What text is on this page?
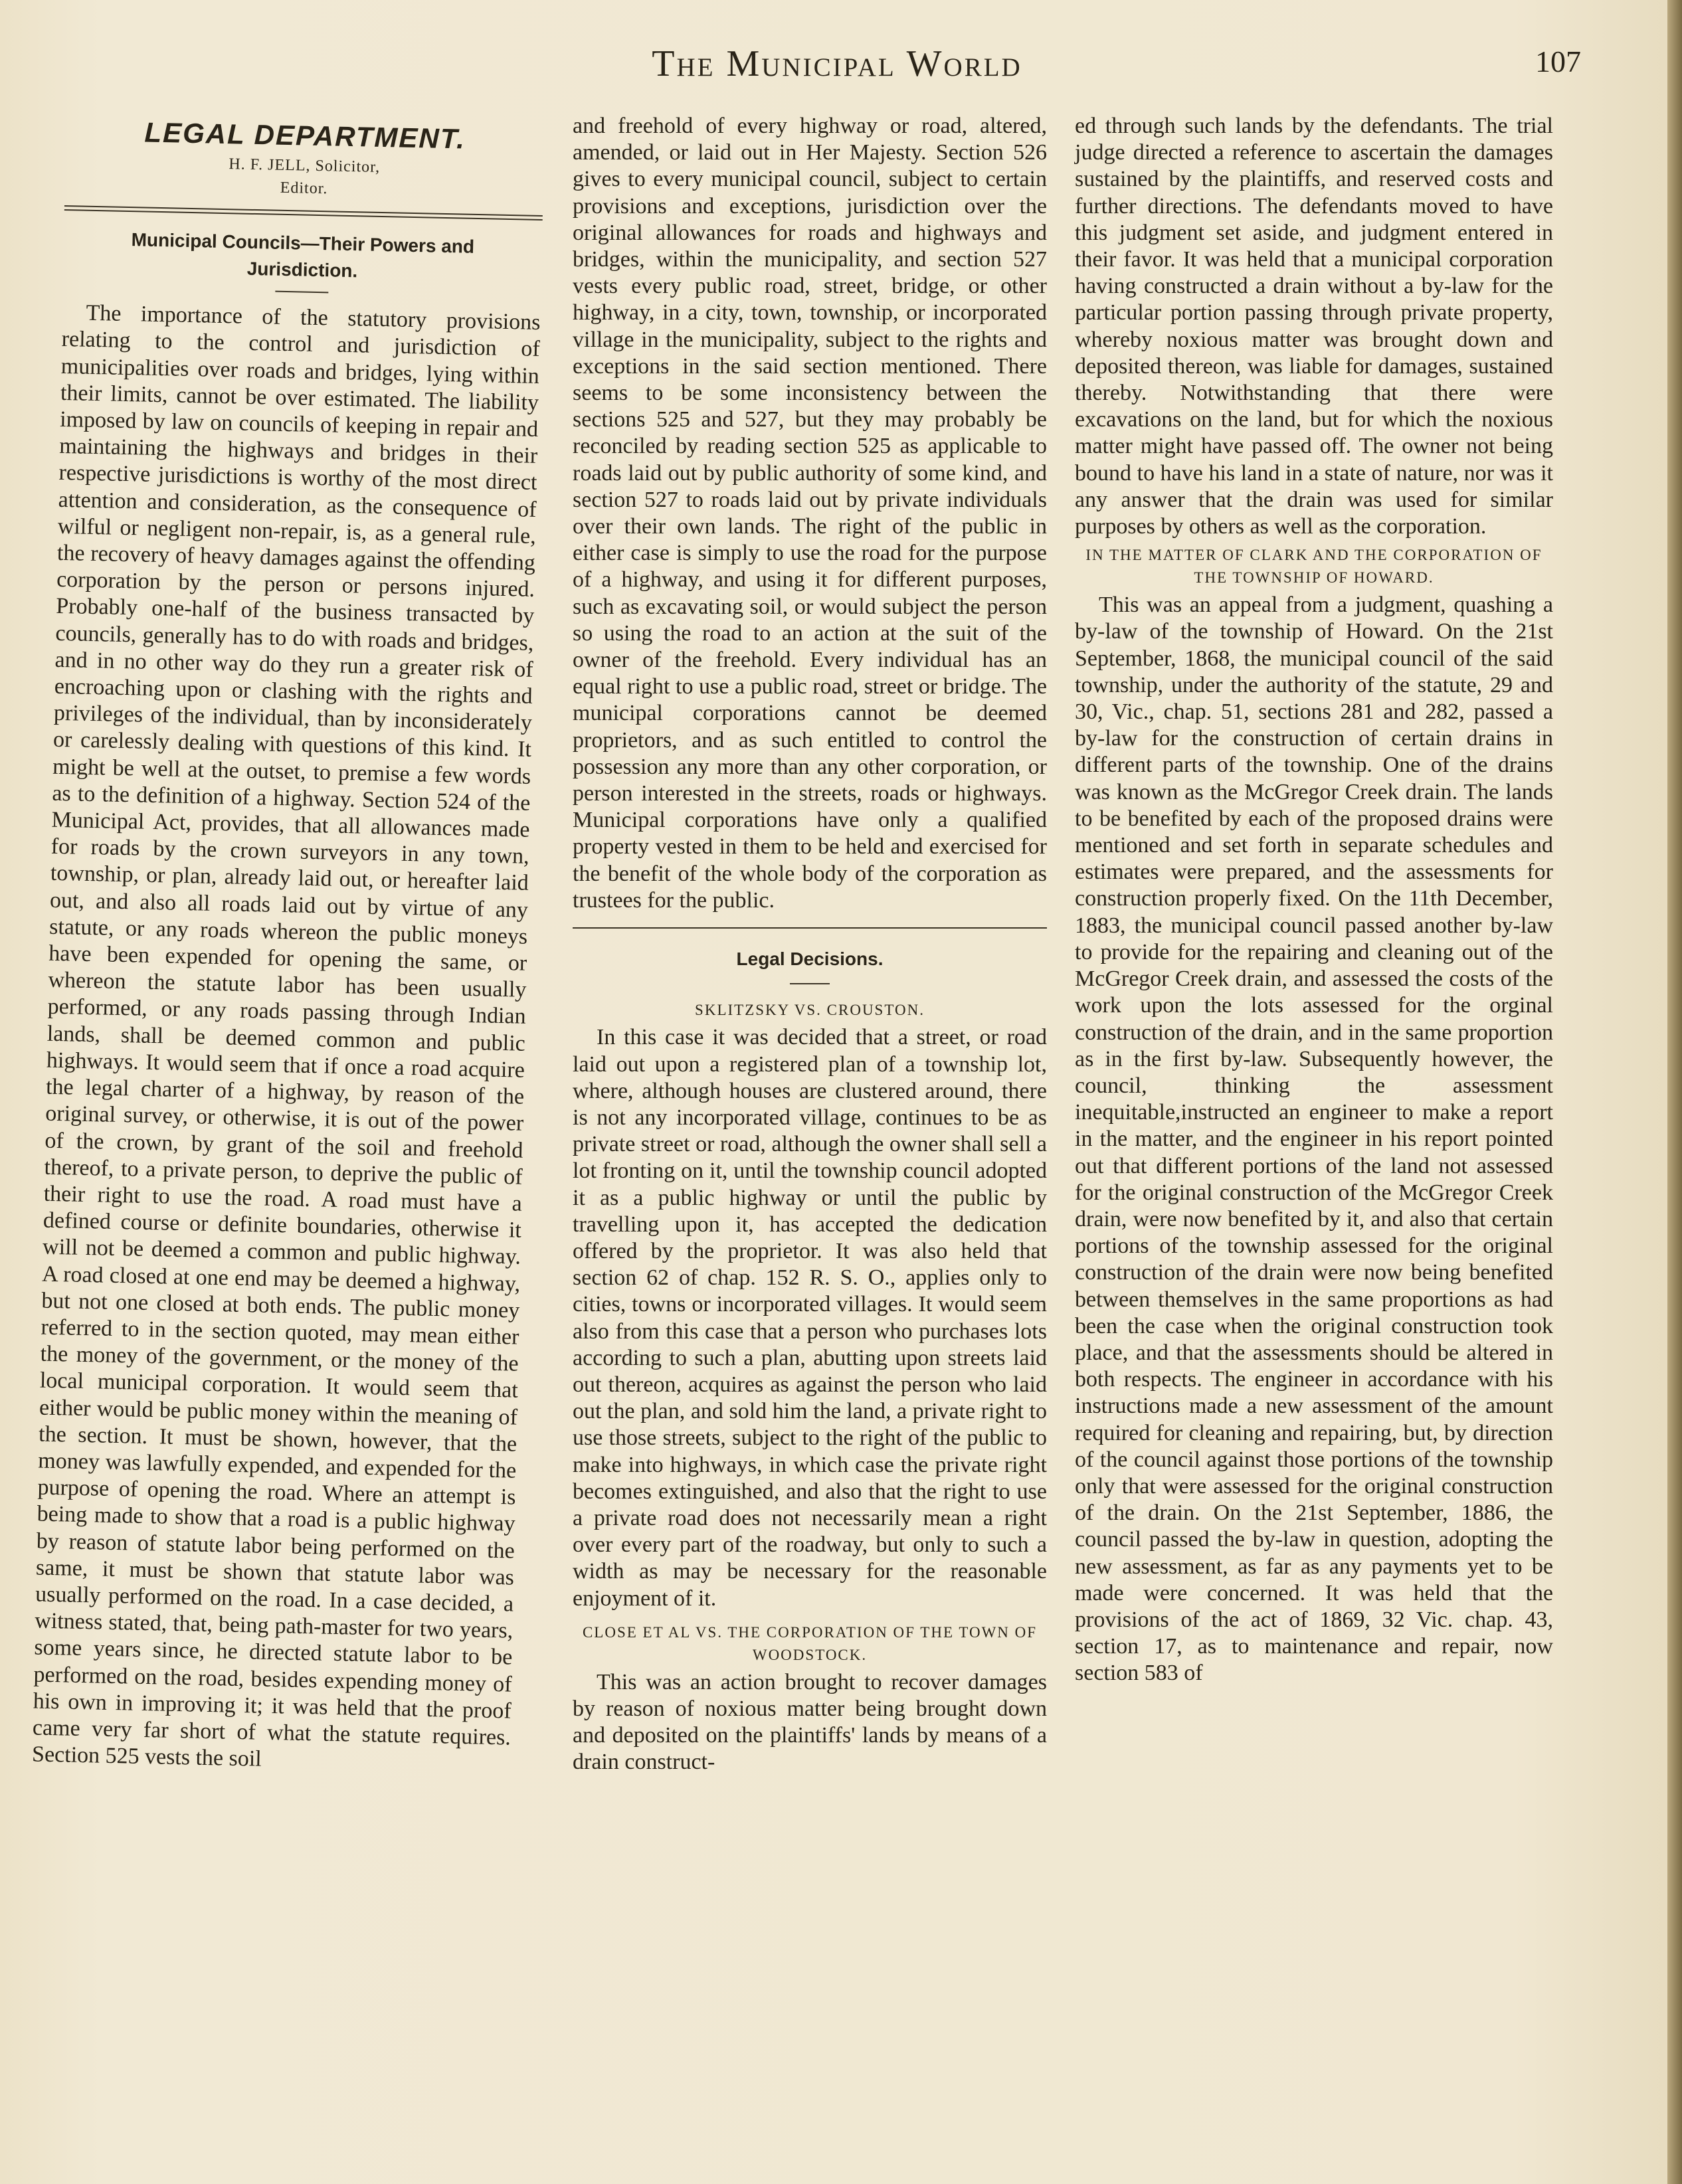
The Municipal World	107
LEGAL DEPARTMENT.
H. F. JELL, Solicitor,
Editor.
Municipal Councils—Their Powers and Jurisdiction.

The importance of the statutory provisions relating to the control and jurisdiction of municipalities over roads and bridges, lying within their limits, cannot be over estimated. The liability imposed by law on councils of keeping in repair and maintaining the highways and bridges in their respective jurisdictions is worthy of the most direct attention and consideration, as the consequence of wilful or negligent non-repair, is, as a general rule, the recovery of heavy damages against the offending corporation by the person or persons injured. Probably one-half of the business transacted by councils, generally has to do with roads and bridges, and in no other way do they run a greater risk of encroaching upon or clashing with the rights and privileges of the individual, than by inconsiderately or carelessly dealing with questions of this kind. It might be well at the outset, to premise a few words as to the definition of a highway. Section 524 of the Municipal Act, provides, that all allowances made for roads by the crown surveyors in any town, township, or plan, already laid out, or hereafter laid out, and also all roads laid out by virtue of any statute, or any roads whereon the public moneys have been expended for opening the same, or whereon the statute labor has been usually performed, or any roads passing through Indian lands, shall be deemed common and public highways. It would seem that if once a road acquire the legal charter of a highway, by reason of the original survey, or otherwise, it is out of the power of the crown, by grant of the soil and freehold thereof, to a private person, to deprive the public of their right to use the road. A road must have a defined course or definite boundaries, otherwise it will not be deemed a common and public highway. A road closed at one end may be deemed a highway, but not one closed at both ends. The public money referred to in the section quoted, may mean either the money of the government, or the money of the local municipal corporation. It would seem that either would be public money within the meaning of the section. It must be shown, however, that the money was lawfully expended, and expended for the purpose of opening the road. Where an attempt is being made to show that a road is a public highway by reason of statute labor being performed on the same, it must be shown that statute labor was usually performed on the road. In a case decided, a witness stated, that, being path-master for two years, some years since, he directed statute labor to be performed on the road, besides expending money of his own in improving it; it was held that the proof came very far short of what the statute requires. Section 525 vests the soil

and freehold of every highway or road, altered, amended, or laid out in Her Majesty. Section 526 gives to every municipal council, subject to certain provisions and exceptions, jurisdiction over the original allowances for roads and highways and bridges, within the municipality, and section 527 vests every public road, street, bridge, or other highway, in a city, town, township, or incorporated village in the municipality, subject to the rights and exceptions in the said section mentioned. There seems to be some inconsistency between the sections 525 and 527, but they may probably be reconciled by reading section 525 as applicable to roads laid out by public authority of some kind, and section 527 to roads laid out by private individuals over their own lands. The right of the public in either case is simply to use the road for the purpose of a highway, and using it for different purposes, such as excavating soil, or would subject the person so using the road to an action at the suit of the owner of the freehold. Every individual has an equal right to use a public road, street or bridge. The municipal corporations cannot be deemed proprietors, and as such entitled to control the possession any more than any other corporation, or person interested in the streets, roads or highways. Municipal corporations have only a qualified property vested in them to be held and exercised for the benefit of the whole body of the corporation as trustees for the public.

Legal Decisions.
SKLITZSKY VS. CROUSTON.

In this case it was decided that a street, or road laid out upon a registered plan of a township lot, where, although houses are clustered around, there is not any incorporated village, continues to be as private street or road, although the owner shall sell a lot fronting on it, until the township council adopted it as a public highway or until the public by travelling upon it, has accepted the dedication offered by the proprietor. It was also held that section 62 of chap. 152 R. S. O., applies only to cities, towns or incorporated villages. It would seem also from this case that a person who purchases lots according to such a plan, abutting upon streets laid out thereon, acquires as against the person who laid out the plan, and sold him the land, a private right to use those streets, subject to the right of the public to make into highways, in which case the private right becomes extinguished, and also that the right to use a private road does not necessarily mean a right over every part of the roadway, but only to such a width as may be necessary for the reasonable enjoyment of it.

CLOSE ET AL VS. THE CORPORATION OF THE TOWN OF WOODSTOCK.

This was an action brought to recover damages by reason of noxious matter being brought down and deposited on the plaintiffs' lands by means of a drain construct-

ed through such lands by the defendants. The trial judge directed a reference to ascertain the damages sustained by the plaintiffs, and reserved costs and further directions. The defendants moved to have this judgment set aside, and judgment entered in their favor. It was held that a municipal corporation having constructed a drain without a by-law for the particular portion passing through private property, whereby noxious matter was brought down and deposited thereon, was liable for damages, sustained thereby. Notwithstanding that there were excavations on the land, but for which the noxious matter might have passed off. The owner not being bound to have his land in a state of nature, nor was it any answer that the drain was used for similar purposes by others as well as the corporation.

IN THE MATTER OF CLARK AND THE CORPORATION OF THE TOWNSHIP OF HOWARD.

This was an appeal from a judgment, quashing a by-law of the township of Howard. On the 21st September, 1868, the municipal council of the said township, under the authority of the statute, 29 and 30, Vic., chap. 51, sections 281 and 282, passed a by-law for the construction of certain drains in different parts of the township. One of the drains was known as the McGregor Creek drain. The lands to be benefited by each of the proposed drains were mentioned and set forth in separate schedules and estimates were prepared, and the assessments for construction properly fixed. On the 11th December, 1883, the municipal council passed another by-law to provide for the repairing and cleaning out of the McGregor Creek drain, and assessed the costs of the work upon the lots assessed for the orginal construction of the drain, and in the same proportion as in the first by-law. Subsequently however, the council, thinking the assessment inequitable,instructed an engineer to make a report in the matter, and the engineer in his report pointed out that different portions of the land not assessed for the original construction of the McGregor Creek drain, were now benefited by it, and also that certain portions of the township assessed for the original construction of the drain were now being benefited between themselves in the same proportions as had been the case when the original construction took place, and that the assessments should be altered in both respects. The engineer in accordance with his instructions made a new assessment of the amount required for cleaning and repairing, but, by direction of the council against those portions of the township only that were assessed for the original construction of the drain. On the 21st September, 1886, the council passed the by-law in question, adopting the new assessment, as far as any payments yet to be made were concerned. It was held that the provisions of the act of 1869, 32 Vic. chap. 43, section 17, as to maintenance and repair, now section 583 of
